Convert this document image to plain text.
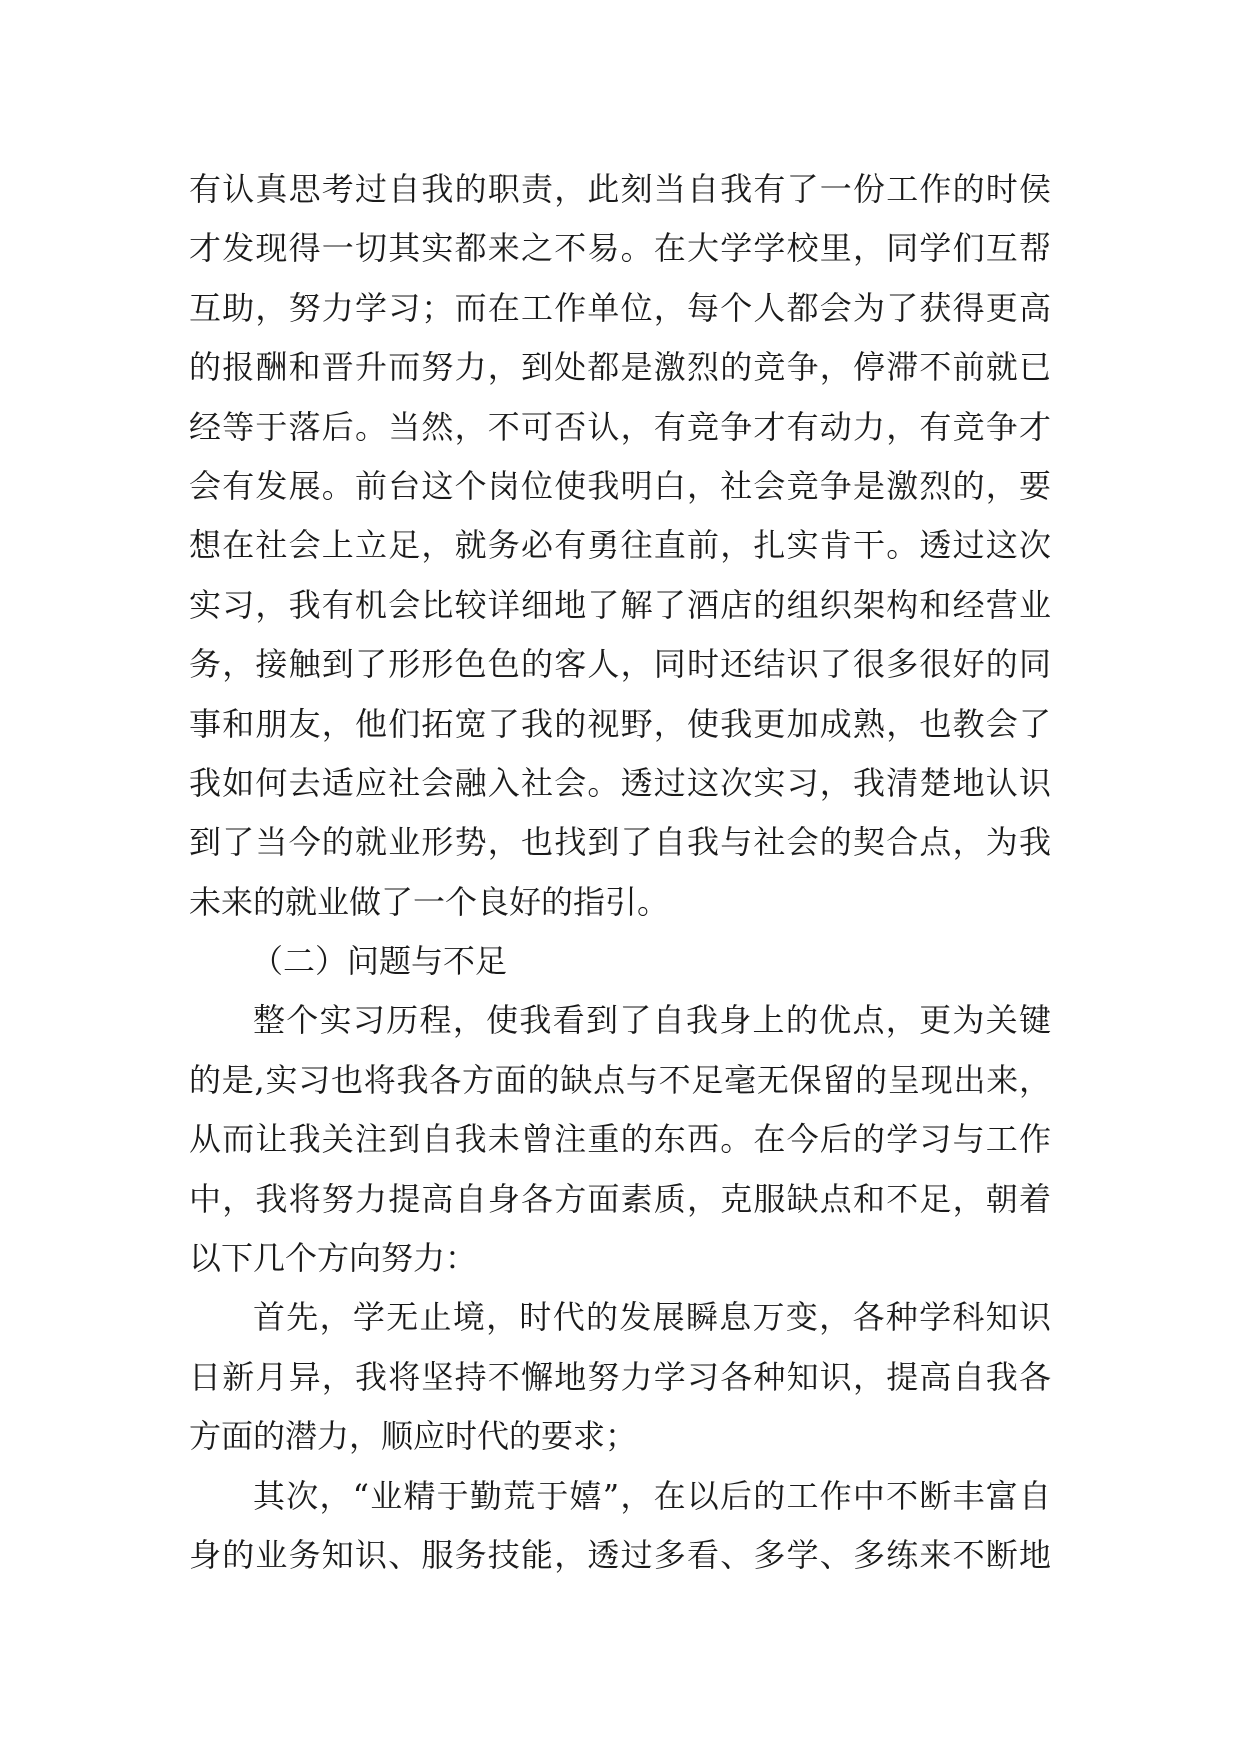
有认真思考过自我的职责，此刻当自我有了一份工作的时侯
才发现得一切其实都来之不易。在大学学校里，同学们互帮
互助，努力学习；而在工作单位，每个人都会为了获得更高
的报酬和晋升而努力，到处都是激烈的竞争，停滞不前就已
经等于落后。当然，不可否认，有竞争才有动力，有竞争才
会有发展。前台这个岗位使我明白，社会竞争是激烈的，要
想在社会上立足，就务必有勇往直前，扎实肯干。透过这次
实习，我有机会比较详细地了解了酒店的组织架构和经营业
务，接触到了形形色色的客人，同时还结识了很多很好的同
事和朋友，他们拓宽了我的视野，使我更加成熟，也教会了
我如何去适应社会融入社会。透过这次实习，我清楚地认识
到了当今的就业形势，也找到了自我与社会的契合点，为我
未来的就业做了一个良好的指引。
（二）问题与不足
整个实习历程，使我看到了自我身上的优点，更为关键
的是,实习也将我各方面的缺点与不足毫无保留的呈现出来，
从而让我关注到自我未曾注重的东西。在今后的学习与工作
中，我将努力提高自身各方面素质，克服缺点和不足，朝着
以下几个方向努力：
首先，学无止境，时代的发展瞬息万变，各种学科知识
日新月异，我将坚持不懈地努力学习各种知识，提高自我各
方面的潜力，顺应时代的要求；
其次，“业精于勤荒于嬉”，在以后的工作中不断丰富自
身的业务知识、服务技能，透过多看、多学、多练来不断地
